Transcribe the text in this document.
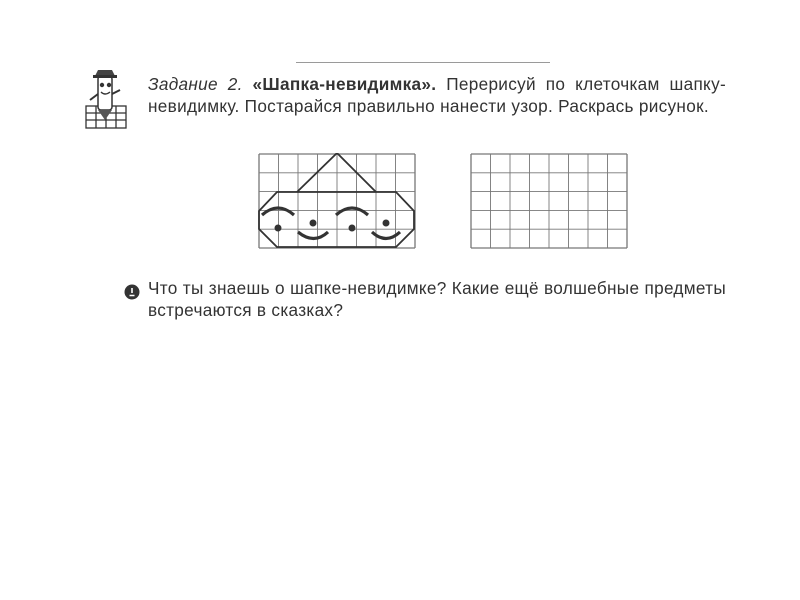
Задание 2. «Шапка-невидимка». Перерисуй по клеточкам шапку-невидимку. Постарайся правильно нанести узор. Раскрась рисунок.
Что ты знаешь о шапке-невидимке? Какие ещё волшебные предметы встречаются в сказках?
